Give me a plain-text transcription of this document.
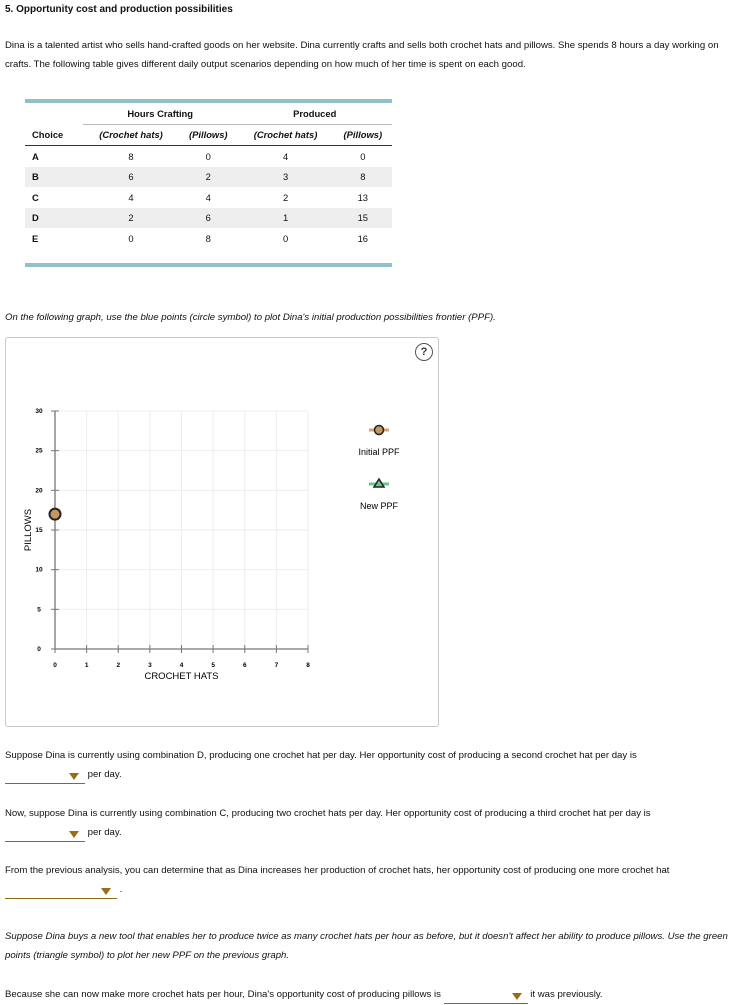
5. Opportunity cost and production possibilities
Dina is a talented artist who sells hand-crafted goods on her website. Dina currently crafts and sells both crochet hats and pillows. She spends 8 hours a day working on crafts. The following table gives different daily output scenarios depending on how much of her time is spent on each good.
	Hours Crafting		Produced	
Choice	(Crochet hats)	(Pillows)	(Crochet hats)	(Pillows)
A	8	0	4	0
B	6	2	3	8
C	4	4	2	13
D	2	6	1	15
E	0	8	0	16
On the following graph, use the blue points (circle symbol) to plot Dina's initial production possibilities frontier (PPF).
?
0	1	2	3	4	5	6	7	8
0
5
10
15
20
25
30
CROCHET HATS
PILLOWS
Initial PPF
New PPF
Suppose Dina is currently using combination D, producing one crochet hat per day. Her opportunity cost of producing a second crochet hat per day is

per day.
Now, suppose Dina is currently using combination C, producing two crochet hats per day. Her opportunity cost of producing a third crochet hat per day is
per day.
From the previous analysis, you can determine that as Dina increases her production of crochet hats, her opportunity cost of producing one more crochet hat
.
Suppose Dina buys a new tool that enables her to produce twice as many crochet hats per hour as before, but it doesn't affect her ability to produce pillows. Use the green points (triangle symbol) to plot her new PPF on the previous graph.
Because she can now make more crochet hats per hour, Dina's opportunity cost of producing pillows is	it was previously.
